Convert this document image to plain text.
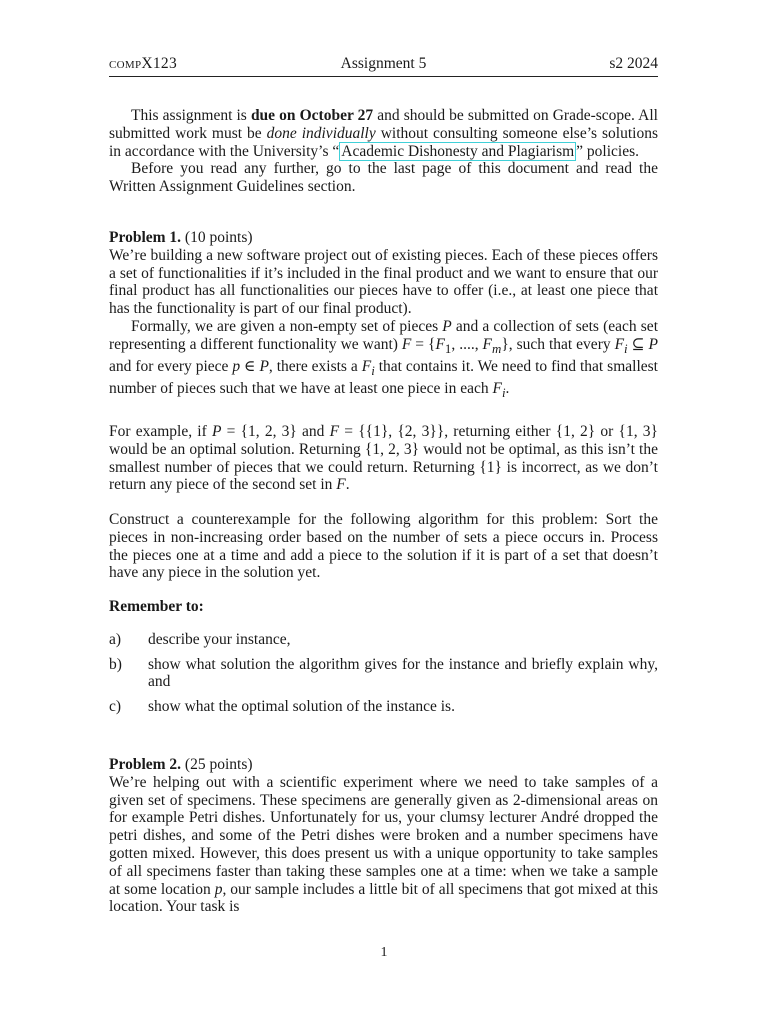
compX123	Assignment 5	s2 2024

This assignment is due on October 27 and should be submitted on Grade-scope. All submitted work must be done individually without consulting someone else’s solutions in accordance with the University’s “ Academic Dishonesty and Plagiarism ” policies.

Before you read any further, go to the last page of this document and read the Written Assignment Guidelines section.

Problem 1. (10 points)

We’re building a new software project out of existing pieces. Each of these pieces offers a set of functionalities if it’s included in the final product and we want to ensure that our final product has all functionalities our pieces have to offer (i.e., at least one piece that has the functionality is part of our final product).

Formally, we are given a non-empty set of pieces P and a collection of sets (each set representing a different functionality we want) $F = \{F_1$, ...., $F_m$}, such that every $F_i$ ⊆ P and for every piece p ∈ P, there exists a $F_i$ that contains it. We need to find that smallest number of pieces such that we have at least one piece in each $F_i$.

For example, if P = {1, 2, 3} and F = {{1}, {2, 3}}, returning either {1, 2} or {1, 3} would be an optimal solution. Returning {1, 2, 3} would not be optimal, as this isn’t the smallest number of pieces that we could return. Returning {1} is incorrect, as we don’t return any piece of the second set in F.

Construct a counterexample for the following algorithm for this problem: Sort the pieces in non-increasing order based on the number of sets a piece occurs in. Process the pieces one at a time and add a piece to the solution if it is part of a set that doesn’t have any piece in the solution yet.

Remember to:

a) describe your instance,
b) show what solution the algorithm gives for the instance and briefly explain why, and
c) show what the optimal solution of the instance is.

Problem 2. (25 points)

We’re helping out with a scientific experiment where we need to take samples of a given set of specimens. These specimens are generally given as 2-dimensional areas on for example Petri dishes. Unfortunately for us, your clumsy lecturer André dropped the petri dishes, and some of the Petri dishes were broken and a number specimens have gotten mixed. However, this does present us with a unique opportunity to take samples of all specimens faster than taking these samples one at a time: when we take a sample at some location p, our sample includes a little bit of all specimens that got mixed at this location. Your task is

1
